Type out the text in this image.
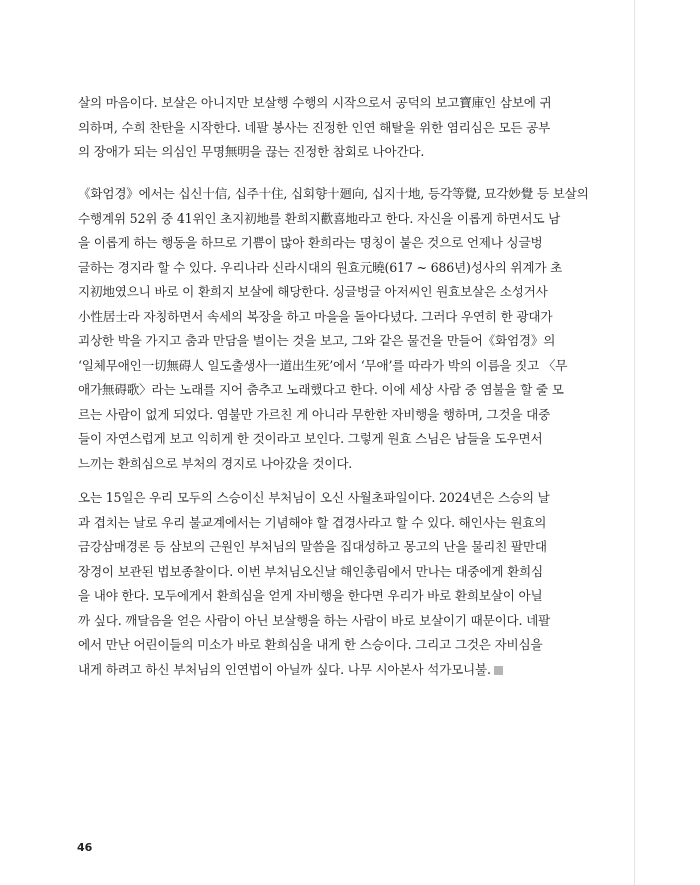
살의 마음이다. 보살은 아니지만 보살행 수행의 시작으로서 공덕의 보고寶庫인 삼보에 귀
의하며, 수희 찬탄을 시작한다. 네팔 봉사는 진정한 인연 해탈을 위한 염리심은 모든 공부
의 장애가 되는 의심인 무명無明을 끊는 진정한 참회로 나아간다.
《화엄경》에서는 십신十信, 십주十住, 십회향十廻向, 십지十地, 등각等覺, 묘각妙覺 등 보살의
수행계위 52위 중 41위인 초지初地를 환희지歡喜地라고 한다. 자신을 이롭게 하면서도 남
을 이롭게 하는 행동을 하므로 기쁨이 많아 환희라는 명칭이 붙은 것으로 언제나 싱글벙
글하는 경지라 할 수 있다. 우리나라 신라시대의 원효元曉(617 ~ 686년)성사의 위계가 초
지初地였으니 바로 이 환희지 보살에 해당한다. 싱글벙글 아저씨인 원효보살은 소성거사
小性居士라 자칭하면서 속세의 복장을 하고 마을을 돌아다녔다. 그러다 우연히 한 광대가
괴상한 박을 가지고 춤과 만담을 벌이는 것을 보고, 그와 같은 물건을 만들어《화엄경》의
‘일체무애인一切無碍人 일도출생사一道出生死’에서 ‘무애’를 따라가 박의 이름을 짓고 〈무
애가無碍歌〉라는 노래를 지어 춤추고 노래했다고 한다. 이에 세상 사람 중 염불을 할 줄 모
르는 사람이 없게 되었다. 염불만 가르친 게 아니라 무한한 자비행을 행하며, 그것을 대중
들이 자연스럽게 보고 익히게 한 것이라고 보인다. 그렇게 원효 스님은 남들을 도우면서
느끼는 환희심으로 부처의 경지로 나아갔을 것이다.
오는 15일은 우리 모두의 스승이신 부처님이 오신 사월초파일이다. 2024년은 스승의 날
과 겹치는 날로 우리 불교계에서는 기념해야 할 겹경사라고 할 수 있다. 해인사는 원효의
금강삼매경론 등 삼보의 근원인 부처님의 말씀을 집대성하고 몽고의 난을 물리친 팔만대
장경이 보관된 법보종찰이다. 이번 부처님오신날 해인총림에서 만나는 대중에게 환희심
을 내야 한다. 모두에게서 환희심을 얻게 자비행을 한다면 우리가 바로 환희보살이 아닐
까 싶다. 깨달음을 얻은 사람이 아닌 보살행을 하는 사람이 바로 보살이기 때문이다. 네팔
에서 만난 어린이들의 미소가 바로 환희심을 내게 한 스승이다. 그리고 그것은 자비심을
내게 하려고 하신 부처님의 인연법이 아닐까 싶다. 나무 시아본사 석가모니불.
46
